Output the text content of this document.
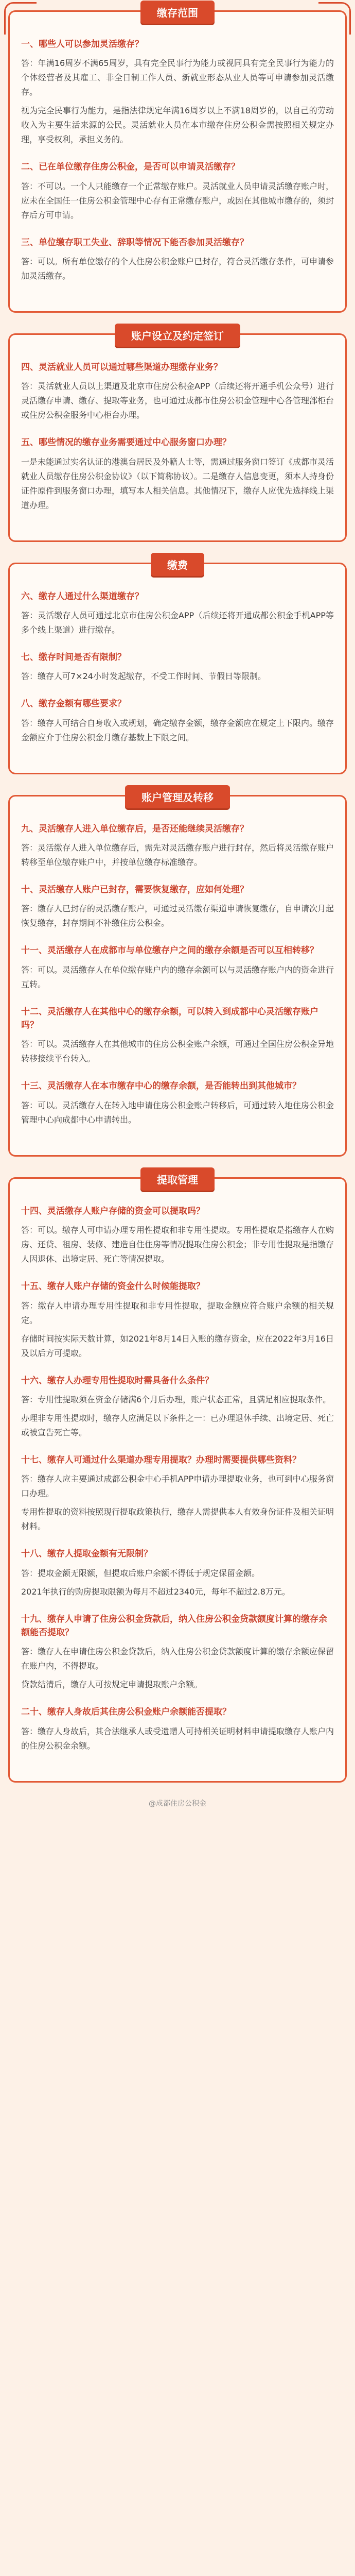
缴存范围

一、哪些人可以参加灵活缴存？

答：年满16周岁不满65周岁，具有完全民事行为能力或视同具有完全民事行为能力的个体经营者及其雇工、非全日制工作人员、新就业形态从业人员等可申请参加灵活缴存。

视为完全民事行为能力，是指法律规定年满16周岁以上不满18周岁的，以自己的劳动收入为主要生活来源的公民。灵活就业人员在本市缴存住房公积金需按照相关规定办理，享受权利，承担义务的。

二、已在单位缴存住房公积金，是否可以申请灵活缴存？

答：不可以。一个人只能缴存一个正常缴存账户。灵活就业人员申请灵活缴存账户时，应未在全国任一住房公积金管理中心存有正常缴存账户，或因在其他城市缴存的，须封存后方可申请。

三、单位缴存职工失业、辞职等情况下能否参加灵活缴存？

答：可以。所有单位缴存的个人住房公积金账户已封存，符合灵活缴存条件，可申请参加灵活缴存。

账户设立及约定签订

四、灵活就业人员可以通过哪些渠道办理缴存业务？

答：灵活就业人员以上渠道及北京市住房公积金APP（后续还将开通手机公众号）进行灵活缴存申请、缴存、提取等业务，也可通过成都市住房公积金管理中心各管理部柜台或住房公积金服务中心柜台办理。

五、哪些情况的缴存业务需要通过中心服务窗口办理？

一是未能通过实名认证的港澳台居民及外籍人士等，需通过服务窗口签订《成都市灵活就业人员缴存住房公积金协议》（以下简称协议）。二是缴存人信息变更，须本人持身份证件原件到服务窗口办理，填写本人相关信息。其他情况下，缴存人应优先选择线上渠道办理。

缴费

六、缴存人通过什么渠道缴存？

答：灵活缴存人员可通过北京市住房公积金APP（后续还将开通成都公积金手机APP等多个线上渠道）进行缴存。

七、缴存时间是否有限制？

答：缴存人可7×24小时发起缴存，不受工作时间、节假日等限制。

八、缴存金额有哪些要求？

答：缴存人可结合自身收入或规划，确定缴存金额，缴存金额应在规定上下限内。缴存金额应介于住房公积金月缴存基数上下限之间。

账户管理及转移

九、灵活缴存人进入单位缴存后，是否还能继续灵活缴存？

答：灵活缴存人进入单位缴存后，需先对灵活缴存账户进行封存，然后将灵活缴存账户转移至单位缴存账户中，并按单位缴存标准缴存。

十、灵活缴存人账户已封存，需要恢复缴存，应如何处理？

答：缴存人已封存的灵活缴存账户，可通过灵活缴存渠道申请恢复缴存，自申请次月起恢复缴存，封存期间不补缴住房公积金。

十一、灵活缴存人在成都市与单位缴存户之间的缴存余额是否可以互相转移？

答：可以。灵活缴存人在单位缴存账户内的缴存余额可以与灵活缴存账户内的资金进行互转。

十二、灵活缴存人在其他中心的缴存余额，可以转入到成都中心灵活缴存账户吗？

答：可以。灵活缴存人在其他城市的住房公积金账户余额，可通过全国住房公积金异地转移接续平台转入。

十三、灵活缴存人在本市缴存中心的缴存余额，是否能转出到其他城市？

答：可以。灵活缴存人在转入地申请住房公积金账户转移后，可通过转入地住房公积金管理中心向成都中心申请转出。

提取管理

十四、灵活缴存人账户存储的资金可以提取吗？

答：可以。缴存人可申请办理专用性提取和非专用性提取。专用性提取是指缴存人在购房、还贷、租房、装修、建造自住住房等情况提取住房公积金；非专用性提取是指缴存人因退休、出境定居、死亡等情况提取。

十五、缴存人账户存储的资金什么时候能提取？

答：缴存人申请办理专用性提取和非专用性提取，提取金额应符合账户余额的相关规定。

存储时间按实际天数计算，如2021年8月14日入账的缴存资金，应在2022年3月16日及以后方可提取。

十六、缴存人办理专用性提取时需具备什么条件？

答：专用性提取须在资金存储满6个月后办理，账户状态正常，且满足相应提取条件。

办理非专用性提取时，缴存人应满足以下条件之一：已办理退休手续、出境定居、死亡或被宣告死亡等。

十七、缴存人可通过什么渠道办理专用提取？办理时需要提供哪些资料？

答：缴存人应主要通过成都公积金中心手机APP申请办理提取业务，也可到中心服务窗口办理。

专用性提取的资料按照现行提取政策执行，缴存人需提供本人有效身份证件及相关证明材料。

十八、缴存人提取金额有无限制？

答：提取金额无限额，但提取后账户余额不得低于规定保留金额。

2021年执行的购房提取限额为每月不超过2340元，每年不超过2.8万元。

十九、缴存人申请了住房公积金贷款后，纳入住房公积金贷款额度计算的缴存余额能否提取？

答：缴存人在申请住房公积金贷款后，纳入住房公积金贷款额度计算的缴存余额应保留在账户内，不得提取。

贷款结清后，缴存人可按规定申请提取账户余额。

二十、缴存人身故后其住房公积金账户余额能否提取？

答：缴存人身故后，其合法继承人或受遗赠人可持相关证明材料申请提取缴存人账户内的住房公积金余额。

@成都住房公积金
